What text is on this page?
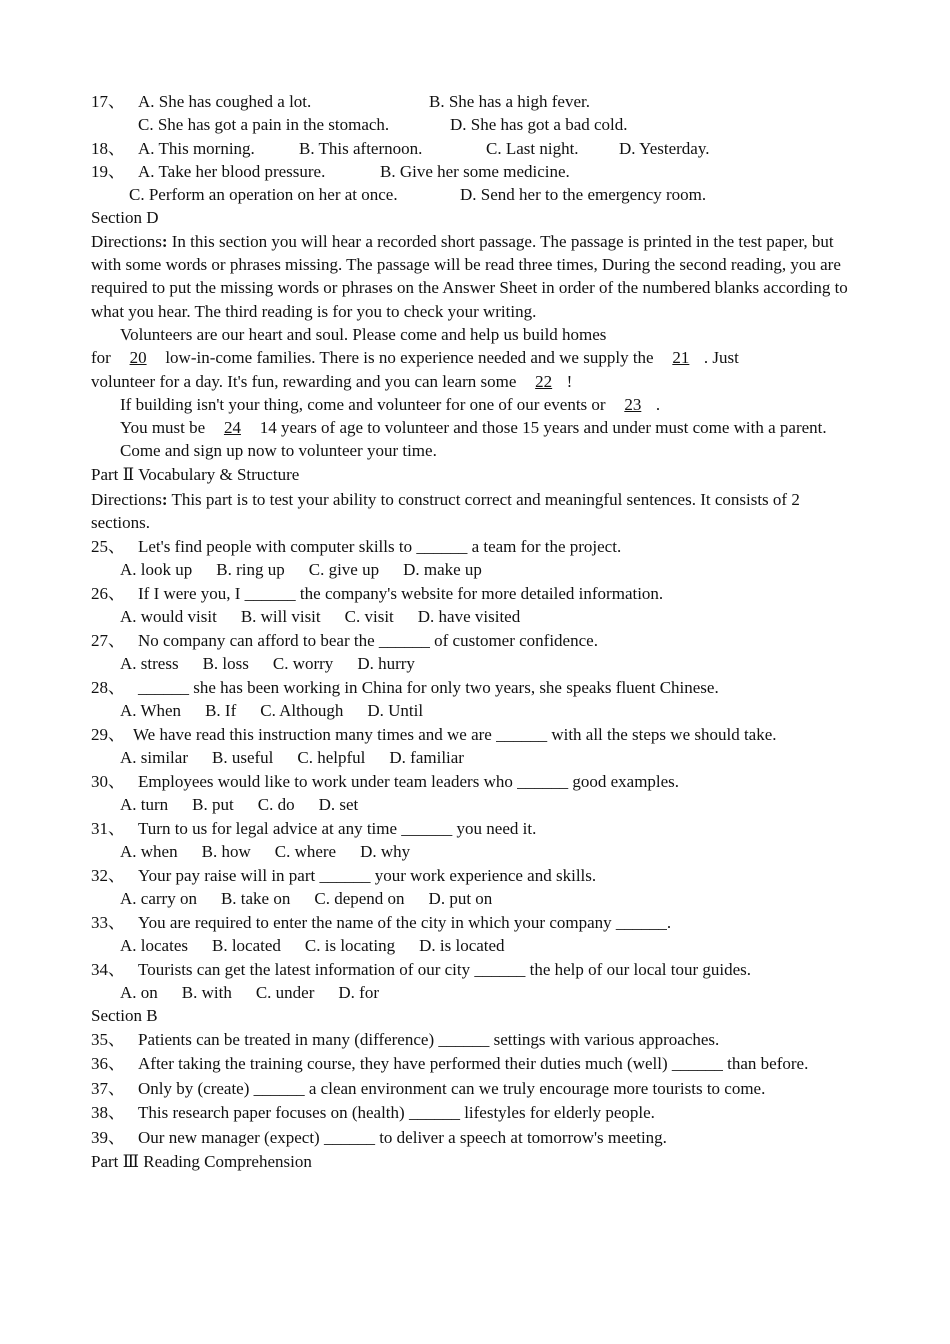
17、 A. She has coughed a lot.	B. She has a high fever.
C. She has got a pain in the stomach.	D. She has got a bad cold.
18、 A. This morning.	B. This afternoon.	C. Last night. D. Yesterday.
19、 A. Take her blood pressure.	B. Give her some medicine.
C. Perform an operation on her at once.	D. Send her to the emergency room.
Section D
Directions: In this section you will hear a recorded short passage. The passage is printed in the test paper, but with some words or phrases missing. The passage will be read three times, During the second reading, you are required to put the missing words or phrases on the Answer Sheet in order of the numbered blanks according to what you hear. The third reading is for you to check your writing.
Volunteers are our heart and soul. Please come and help us build homes
for 20 low-in-come families. There is no experience needed and we supply the 21 . Just
volunteer for a day. It's fun, rewarding and you can learn some 22 !
If building isn't your thing, come and volunteer for one of our events or 23 .
You must be 24 14 years of age to volunteer and those 15 years and under must come with a parent.
Come and sign up now to volunteer your time.
Part Ⅱ Vocabulary & Structure
Directions: This part is to test your ability to construct correct and meaningful sentences. It consists of 2 sections.
25、 Let's find people with computer skills to ______ a team for the project.
A. look up B. ring up C. give up D. make up
26、 If I were you, I ______ the company's website for more detailed information.
A. would visit B. will visit C. visit D. have visited
27、 No company can afford to bear the ______ of customer confidence.
A. stress B. loss C. worry D. hurry
28、 ______ she has been working in China for only two years, she speaks fluent Chinese.
A. When B. If C. Although D. Until
29、 We have read this instruction many times and we are ______ with all the steps we should take.
A. similar B. useful C. helpful D. familiar
30、 Employees would like to work under team leaders who ______ good examples.
A. turn B. put C. do D. set
31、 Turn to us for legal advice at any time ______ you need it.
A. when B. how C. where D. why
32、 Your pay raise will in part ______ your work experience and skills.
A. carry on B. take on C. depend on D. put on
33、 You are required to enter the name of the city in which your company ______.
A. locates B. located C. is locating D. is located
34、 Tourists can get the latest information of our city ______ the help of our local tour guides.
A. on B. with C. under D. for
Section B
35、 Patients can be treated in many (difference) ______ settings with various approaches.
36、 After taking the training course, they have performed their duties much (well) ______ than before.
37、 Only by (create) ______ a clean environment can we truly encourage more tourists to come.
38、 This research paper focuses on (health) ______ lifestyles for elderly people.
39、 Our new manager (expect) ______ to deliver a speech at tomorrow's meeting.
Part Ⅲ Reading Comprehension
